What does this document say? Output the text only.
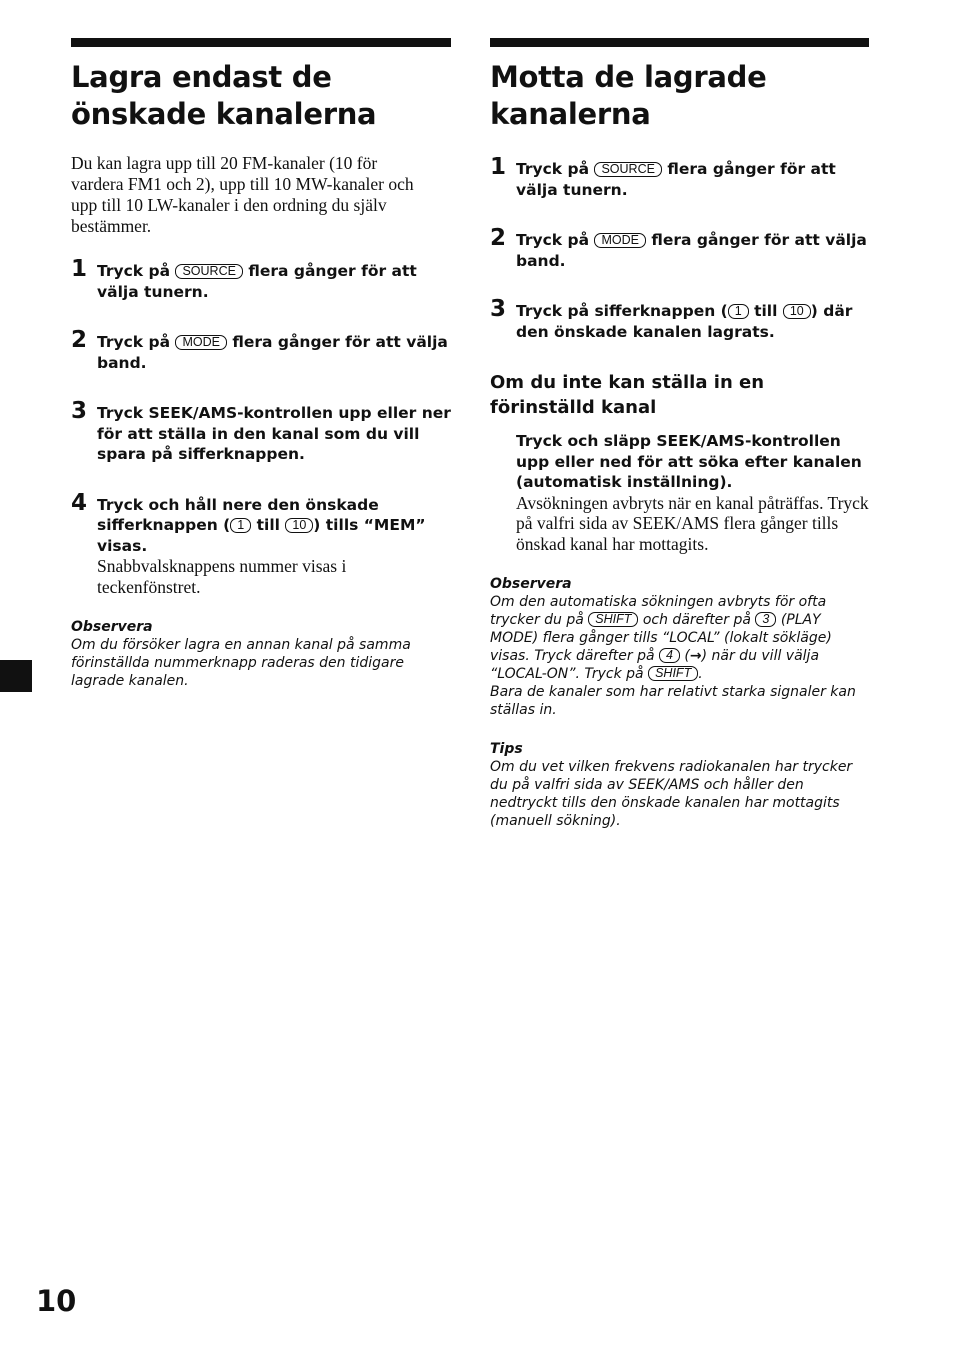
Lagra endast de önskade kanalerna

Du kan lagra upp till 20 FM-kanaler (10 för vardera FM1 och 2), upp till 10 MW-kanaler och upp till 10 LW-kanaler i den ordning du själv bestämmer.

1 Tryck på SOURCE flera gånger för att välja tunern.
2 Tryck på MODE flera gånger för att välja band.
3 Tryck SEEK/AMS-kontrollen upp eller ner för att ställa in den kanal som du vill spara på sifferknappen.
4 Tryck och håll nere den önskade sifferknappen ( 1 till 10 ) tills “MEM” visas.
Snabbvalsknappens nummer visas i teckenfönstret.
Observera
Om du försöker lagra en annan kanal på samma förinställda nummerknapp raderas den tidigare lagrade kanalen.
Motta de lagrade kanalerna
1 Tryck på SOURCE flera gånger för att välja tunern.
2 Tryck på MODE flera gånger för att välja band.
3 Tryck på sifferknappen ( 1 till 10 ) där den önskade kanalen lagrats.
Om du inte kan ställa in en förinställd kanal
Tryck och släpp SEEK/AMS-kontrollen upp eller ned för att söka efter kanalen (automatisk inställning).
Avsökningen avbryts när en kanal påträffas. Tryck på valfri sida av SEEK/AMS flera gånger tills önskad kanal har mottagits.
Observera
Om den automatiska sökningen avbryts för ofta trycker du på SHIFT och därefter på 3 (PLAY MODE) flera gånger tills “LOCAL” (lokalt sökläge) visas. Tryck därefter på 4 (→) när du vill välja “LOCAL-ON”. Tryck på SHIFT .
Bara de kanaler som har relativt starka signaler kan ställas in.
Tips
Om du vet vilken frekvens radiokanalen har trycker du på valfri sida av SEEK/AMS och håller den nedtryckt tills den önskade kanalen har mottagits (manuell sökning).
10
